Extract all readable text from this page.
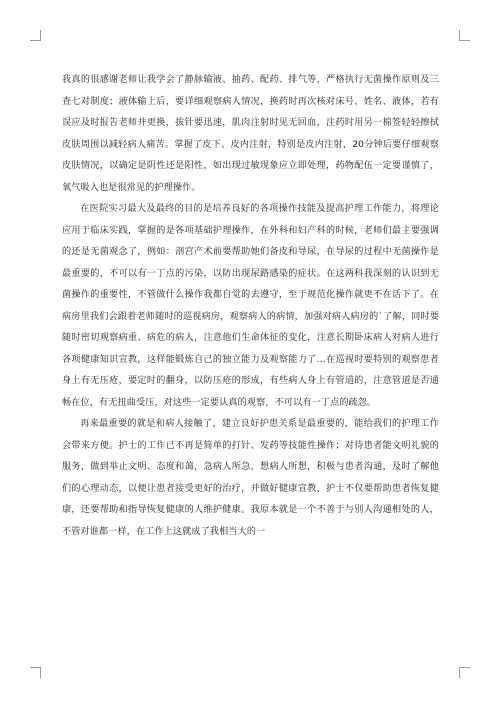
我真的很感谢老师让我学会了静脉输液、抽药、配药、排气等，严格执行无菌操作原则及三查七对制度；液体输上后，要详细观察病人情况，换药时再次核对床号、姓名、液体，若有误应及时报告老师并更换，拔针要迅速，肌肉注射时见无回血，注药时用另一棉签轻轻擦拭皮肤周围以减轻病人痛苦。掌握了皮下、皮内注射，特别是皮内注射，20分钟后要仔细观察皮肤情况，以确定是阴性还是阳性，如出现过敏现象应立即处理，药物配伍一定要谨慎了，氧气吸入也是很常见的护理操作。

在医院实习最大及最终的目的是培养良好的各项操作技能及提高护理工作能力，将理论应用于临床实践，掌握的是各项基础护理操作，在外科和妇产科的时候，老师们最主要强调的还是无菌观念了，例如：剖宫产术前要帮助她们备皮和导尿，在导尿的过程中无菌操作是最重要的，不可以有一丁点的污染，以防出现尿路感染的症状。在这两科我深刻的认识到无菌操作的重要性，不管做什么操作我都自觉的去遵守，至于规范化操作就更不在话下了。在病房里我们会跟着老师随时的巡视病房，观察病人的病情，加强对病人病房的`了解，同时要随时密切观察病重、病危的病人，注意他们生命体征的变化，注意长期卧床病人对病人进行各项健康知识宣教，这样能锻炼自己的独立能力及观察能力了…在巡视时要特别的观察患者身上有无压疮，要定时的翻身，以防压疮的形成，有些病人身上有管道的，注意管道是否通畅在位，有无扭曲受压，对这些一定要认真的观察，不可以有一丁点的疏忽。

再来最重要的就是和病人接触了，建立良好护患关系是最重要的，能给我们的护理工作会带来方便。护士的工作已不再是简单的打针、发药等技能性操作；对待患者能文明礼貌的服务，做到举止文明、态度和蔼，急病人所急，想病人所想，积极与患者沟通，及时了解他们的心理动态，以便让患者接受更好的治疗，并做好健康宣教，护士不仅要帮助患者恢复健康，还要帮助和指导恢复健康的人维护健康。我原本就是一个不善于与别人沟通相处的人，不管对谁都一样，在工作上这就成了我相当大的一
